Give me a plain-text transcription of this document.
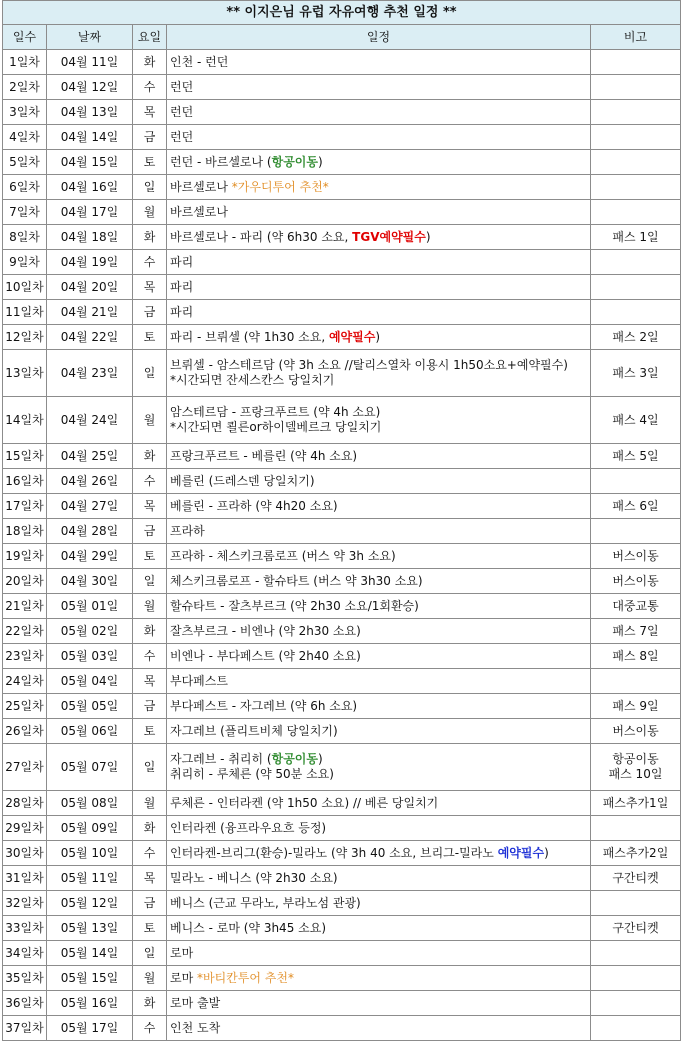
** 이지은님 유럽 자유여행 추천 일정 **				
일수	날짜	요일	일정	비고
1일차	04월 11일	화	인천 - 런던	

2일차	04월 12일	수	런던	

3일차	04월 13일	목	런던	

4일차	04월 14일	금	런던	

5일차	04월 15일	토	런던 - 바르셀로나 (항공이동)	

6일차	04월 16일	일	바르셀로나 *가우디투어 추천*	

7일차	04월 17일	월	바르셀로나	

8일차	04월 18일	화	바르셀로나 - 파리 (약 6h30 소요, TGV예약필수)	패스 1일

9일차	04월 19일	수	파리	

10일차	04월 20일	목	파리	

11일차	04월 21일	금	파리	

12일차	04월 22일	토	파리 - 브뤼셀 (약 1h30 소요, 예약필수)	패스 2일

13일차	04월 23일	일	브뤼셀 - 암스테르담 (약 3h 소요 //탈리스열차 이용시 1h50소요+예약필수)
*시간되면 잔세스칸스 당일치기	패스 3일

14일차	04월 24일	월	암스테르담 - 프랑크푸르트 (약 4h 소요)
*시간되면 쾰른or하이델베르크 당일치기	패스 4일

15일차	04월 25일	화	프랑크푸르트 - 베를린 (약 4h 소요)	패스 5일

16일차	04월 26일	수	베를린 (드레스덴 당일치기)	

17일차	04월 27일	목	베를린 - 프라하 (약 4h20 소요)	패스 6일

18일차	04월 28일	금	프라하	

19일차	04월 29일	토	프라하 - 체스키크롬로프 (버스 약 3h 소요)	버스이동

20일차	04월 30일	일	체스키크롬로프 - 할슈타트 (버스 약 3h30 소요)	버스이동

21일차	05월 01일	월	할슈타트 - 잘츠부르크 (약 2h30 소요/1회환승)	대중교통

22일차	05월 02일	화	잘츠부르크 - 비엔나 (약 2h30 소요)	패스 7일

23일차	05월 03일	수	비엔나 - 부다페스트 (약 2h40 소요)	패스 8일

24일차	05월 04일	목	부다페스트	

25일차	05월 05일	금	부다페스트 - 자그레브 (약 6h 소요)	패스 9일

26일차	05월 06일	토	자그레브 (플리트비체 당일치기)	버스이동

27일차	05월 07일	일	자그레브 - 취리히 (항공이동)
취리히 - 루체른 (약 50분 소요)	항공이동
패스 10일

28일차	05월 08일	월	루체른 - 인터라켄 (약 1h50 소요) // 베른 당일치기	패스추가1일

29일차	05월 09일	화	인터라켄 (융프라우요흐 등정)	

30일차	05월 10일	수	인터라켄-브리그(환승)-밀라노 (약 3h 40 소요, 브리그-밀라노 예약필수)	패스추가2일

31일차	05월 11일	목	밀라노 - 베니스 (약 2h30 소요)	구간티켓

32일차	05월 12일	금	베니스 (근교 무라노, 부라노섬 관광)	

33일차	05월 13일	토	베니스 - 로마 (약 3h45 소요)	구간티켓

34일차	05월 14일	일	로마	

35일차	05월 15일	월	로마 *바티칸투어 추천*	

36일차	05월 16일	화	로마 출발	

37일차	05월 17일	수	인천 도착	
